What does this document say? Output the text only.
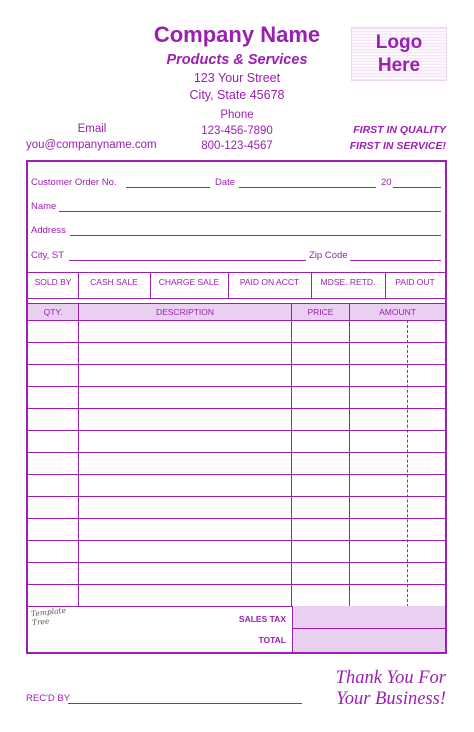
Company Name
Products & Services
123 Your Street
City, State 45678
Phone
123-456-7890
800-123-4567
Email
you@companyname.com
FIRST IN QUALITY
FIRST IN SERVICE!
Logo
Here
Customer Order No.	Date	20
Name
Address
City, ST	Zip Code
SOLD BY	CASH SALE	CHARGE SALE	PAID ON ACCT	MDSE. RETD.	PAID OUT
QTY.	DESCRIPTION	PRICE	AMOUNT
SALES TAX
TOTAL
Template Tree
Thank You For
Your Business!
REC'D BY
